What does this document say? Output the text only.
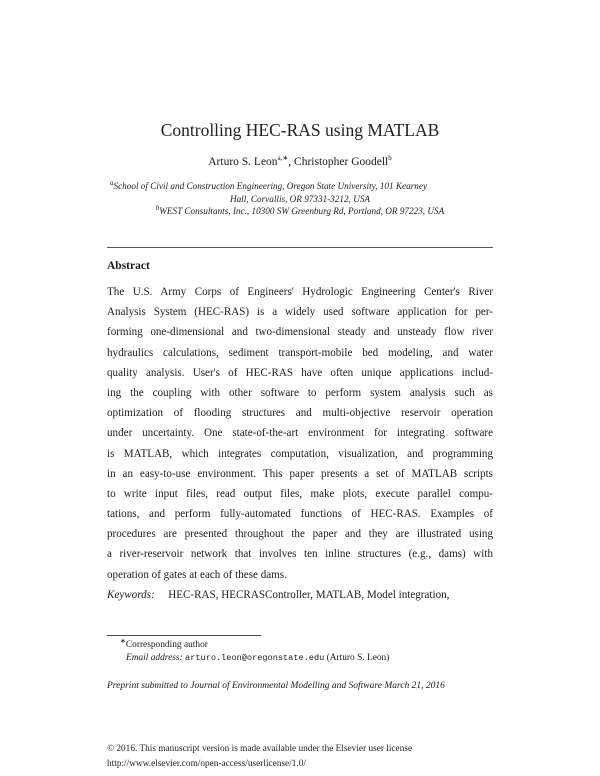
Controlling HEC-RAS using MATLAB
Arturo S. Leon$^{a,∗}$, Christopher Goodell$^b$
$^a$School of Civil and Construction Engineering, Oregon State University, 101 Kearney
Hall, Corvallis, OR 97331-3212, USA
$^b$WEST Consultants, Inc., 10300 SW Greenburg Rd, Portland, OR 97223, USA
Abstract
The U.S. Army Corps of Engineers' Hydrologic Engineering Center's River
Analysis System (HEC-RAS) is a widely used software application for per-
forming one-dimensional and two-dimensional steady and unsteady flow river
hydraulics calculations, sediment transport-mobile bed modeling, and water
quality analysis. User's of HEC-RAS have often unique applications includ-
ing the coupling with other software to perform system analysis such as
optimization of flooding structures and multi-objective reservoir operation
under uncertainty. One state-of-the-art environment for integrating software
is MATLAB, which integrates computation, visualization, and programming
in an easy-to-use environment. This paper presents a set of MATLAB scripts
to write input files, read output files, make plots, execute parallel compu-
tations, and perform fully-automated functions of HEC-RAS. Examples of
procedures are presented throughout the paper and they are illustrated using
a river-reservoir network that involves ten inline structures (e.g., dams) with
operation of gates at each of these dams.
Keywords: HEC-RAS, HECRASController, MATLAB, Model integration,
∗Corresponding author
Email address: arturo.leon@oregonstate.edu (Arturo S. Leon)
Preprint submitted to Journal of Environmental Modelling and Software March 21, 2016
© 2016. This manuscript version is made available under the Elsevier user license
http://www.elsevier.com/open-access/userlicense/1.0/
